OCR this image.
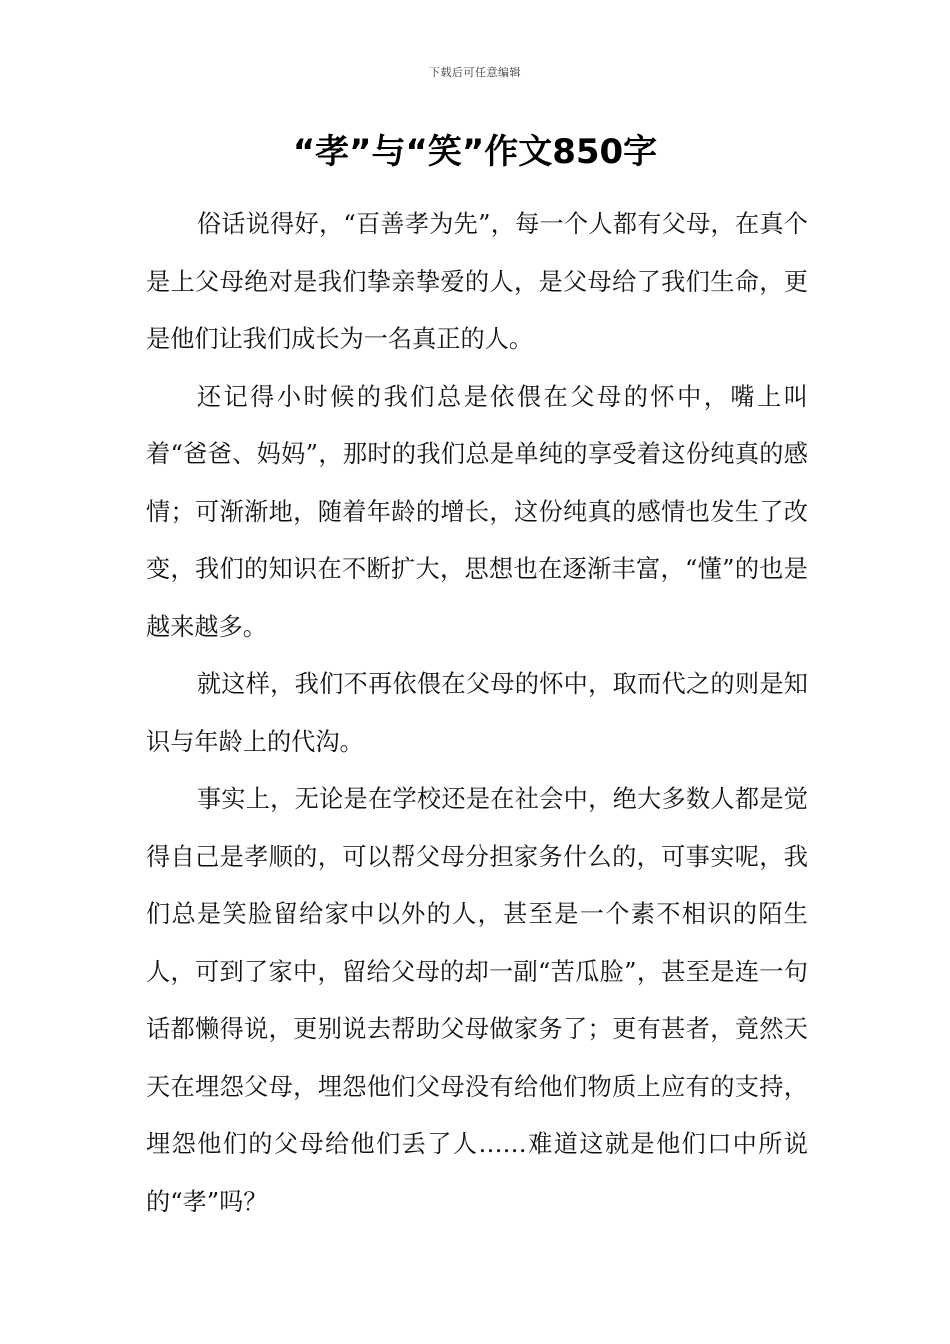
下载后可任意编辑
“孝”与“笑”作文850字

俗话说得好，“百善孝为先”，每一个人都有父母，在真个是上父母绝对是我们挚亲挚爱的人，是父母给了我们生命，更是他们让我们成长为一名真正的人。

还记得小时候的我们总是依偎在父母的怀中，嘴上叫着“爸爸、妈妈”，那时的我们总是单纯的享受着这份纯真的感情；可渐渐地，随着年龄的增长，这份纯真的感情也发生了改变，我们的知识在不断扩大，思想也在逐渐丰富，“懂”的也是越来越多。

就这样，我们不再依偎在父母的怀中，取而代之的则是知识与年龄上的代沟。

事实上，无论是在学校还是在社会中，绝大多数人都是觉得自己是孝顺的，可以帮父母分担家务什么的，可事实呢，我们总是笑脸留给家中以外的人，甚至是一个素不相识的陌生人，可到了家中，留给父母的却一副“苦瓜脸”，甚至是连一句话都懒得说，更别说去帮助父母做家务了；更有甚者，竟然天天在埋怨父母，埋怨他们父母没有给他们物质上应有的支持，埋怨他们的父母给他们丢了人……难道这就是他们口中所说的“孝”吗？
